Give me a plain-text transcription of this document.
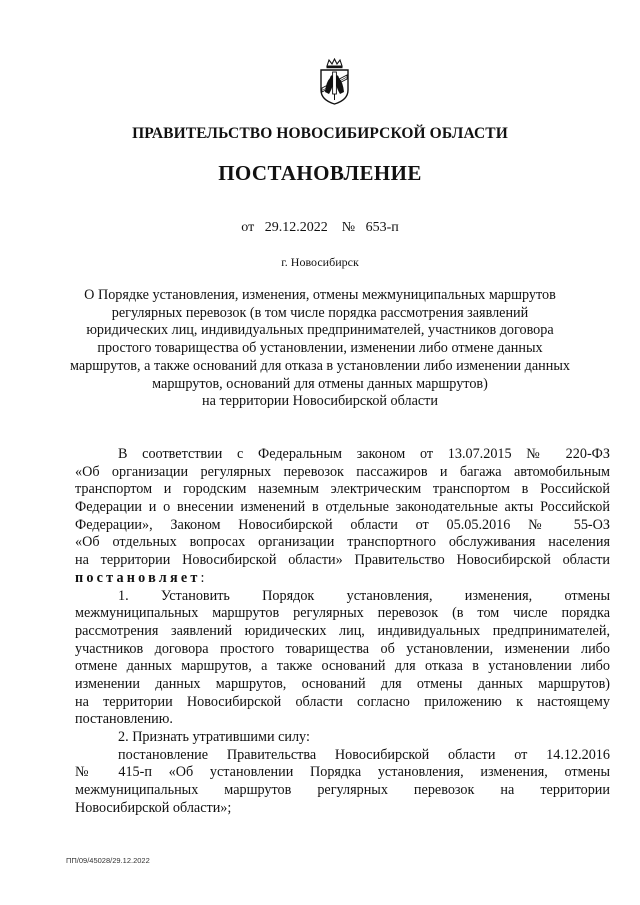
ПРАВИТЕЛЬСТВО НОВОСИБИРСКОЙ ОБЛАСТИ
ПОСТАНОВЛЕНИЕ
от 29.12.2022 № 653-п
г. Новосибирск
О Порядке установления, изменения, отмены межмуниципальных маршрутов
регулярных перевозок (в том числе порядка рассмотрения заявлений
юридических лиц, индивидуальных предпринимателей, участников договора
простого товарищества об установлении, изменении либо отмене данных
маршрутов, а также оснований для отказа в установлении либо изменении данных
маршрутов, оснований для отмены данных маршрутов)
на территории Новосибирской области
В соответствии с Федеральным законом от 13.07.2015 № 220-ФЗ
«Об организации регулярных перевозок пассажиров и багажа автомобильным
транспортом и городским наземным электрическим транспортом в Российской
Федерации и о внесении изменений в отдельные законодательные акты Российской
Федерации», Законом Новосибирской области от 05.05.2016 № 55-ОЗ
«Об отдельных вопросах организации транспортного обслуживания населения
на территории Новосибирской области» Правительство Новосибирской области
постановляет:
1. Установить Порядок установления, изменения, отмены
межмуниципальных маршрутов регулярных перевозок (в том числе порядка
рассмотрения заявлений юридических лиц, индивидуальных предпринимателей,
участников договора простого товарищества об установлении, изменении либо
отмене данных маршрутов, а также оснований для отказа в установлении либо
изменении данных маршрутов, оснований для отмены данных маршрутов)
на территории Новосибирской области согласно приложению к настоящему
постановлению.
2. Признать утратившими силу:
постановление Правительства Новосибирской области от 14.12.2016
№ 415-п «Об установлении Порядка установления, изменения, отмены
межмуниципальных маршрутов регулярных перевозок на территории
Новосибирской области»;
ПП/09/45028/29.12.2022
